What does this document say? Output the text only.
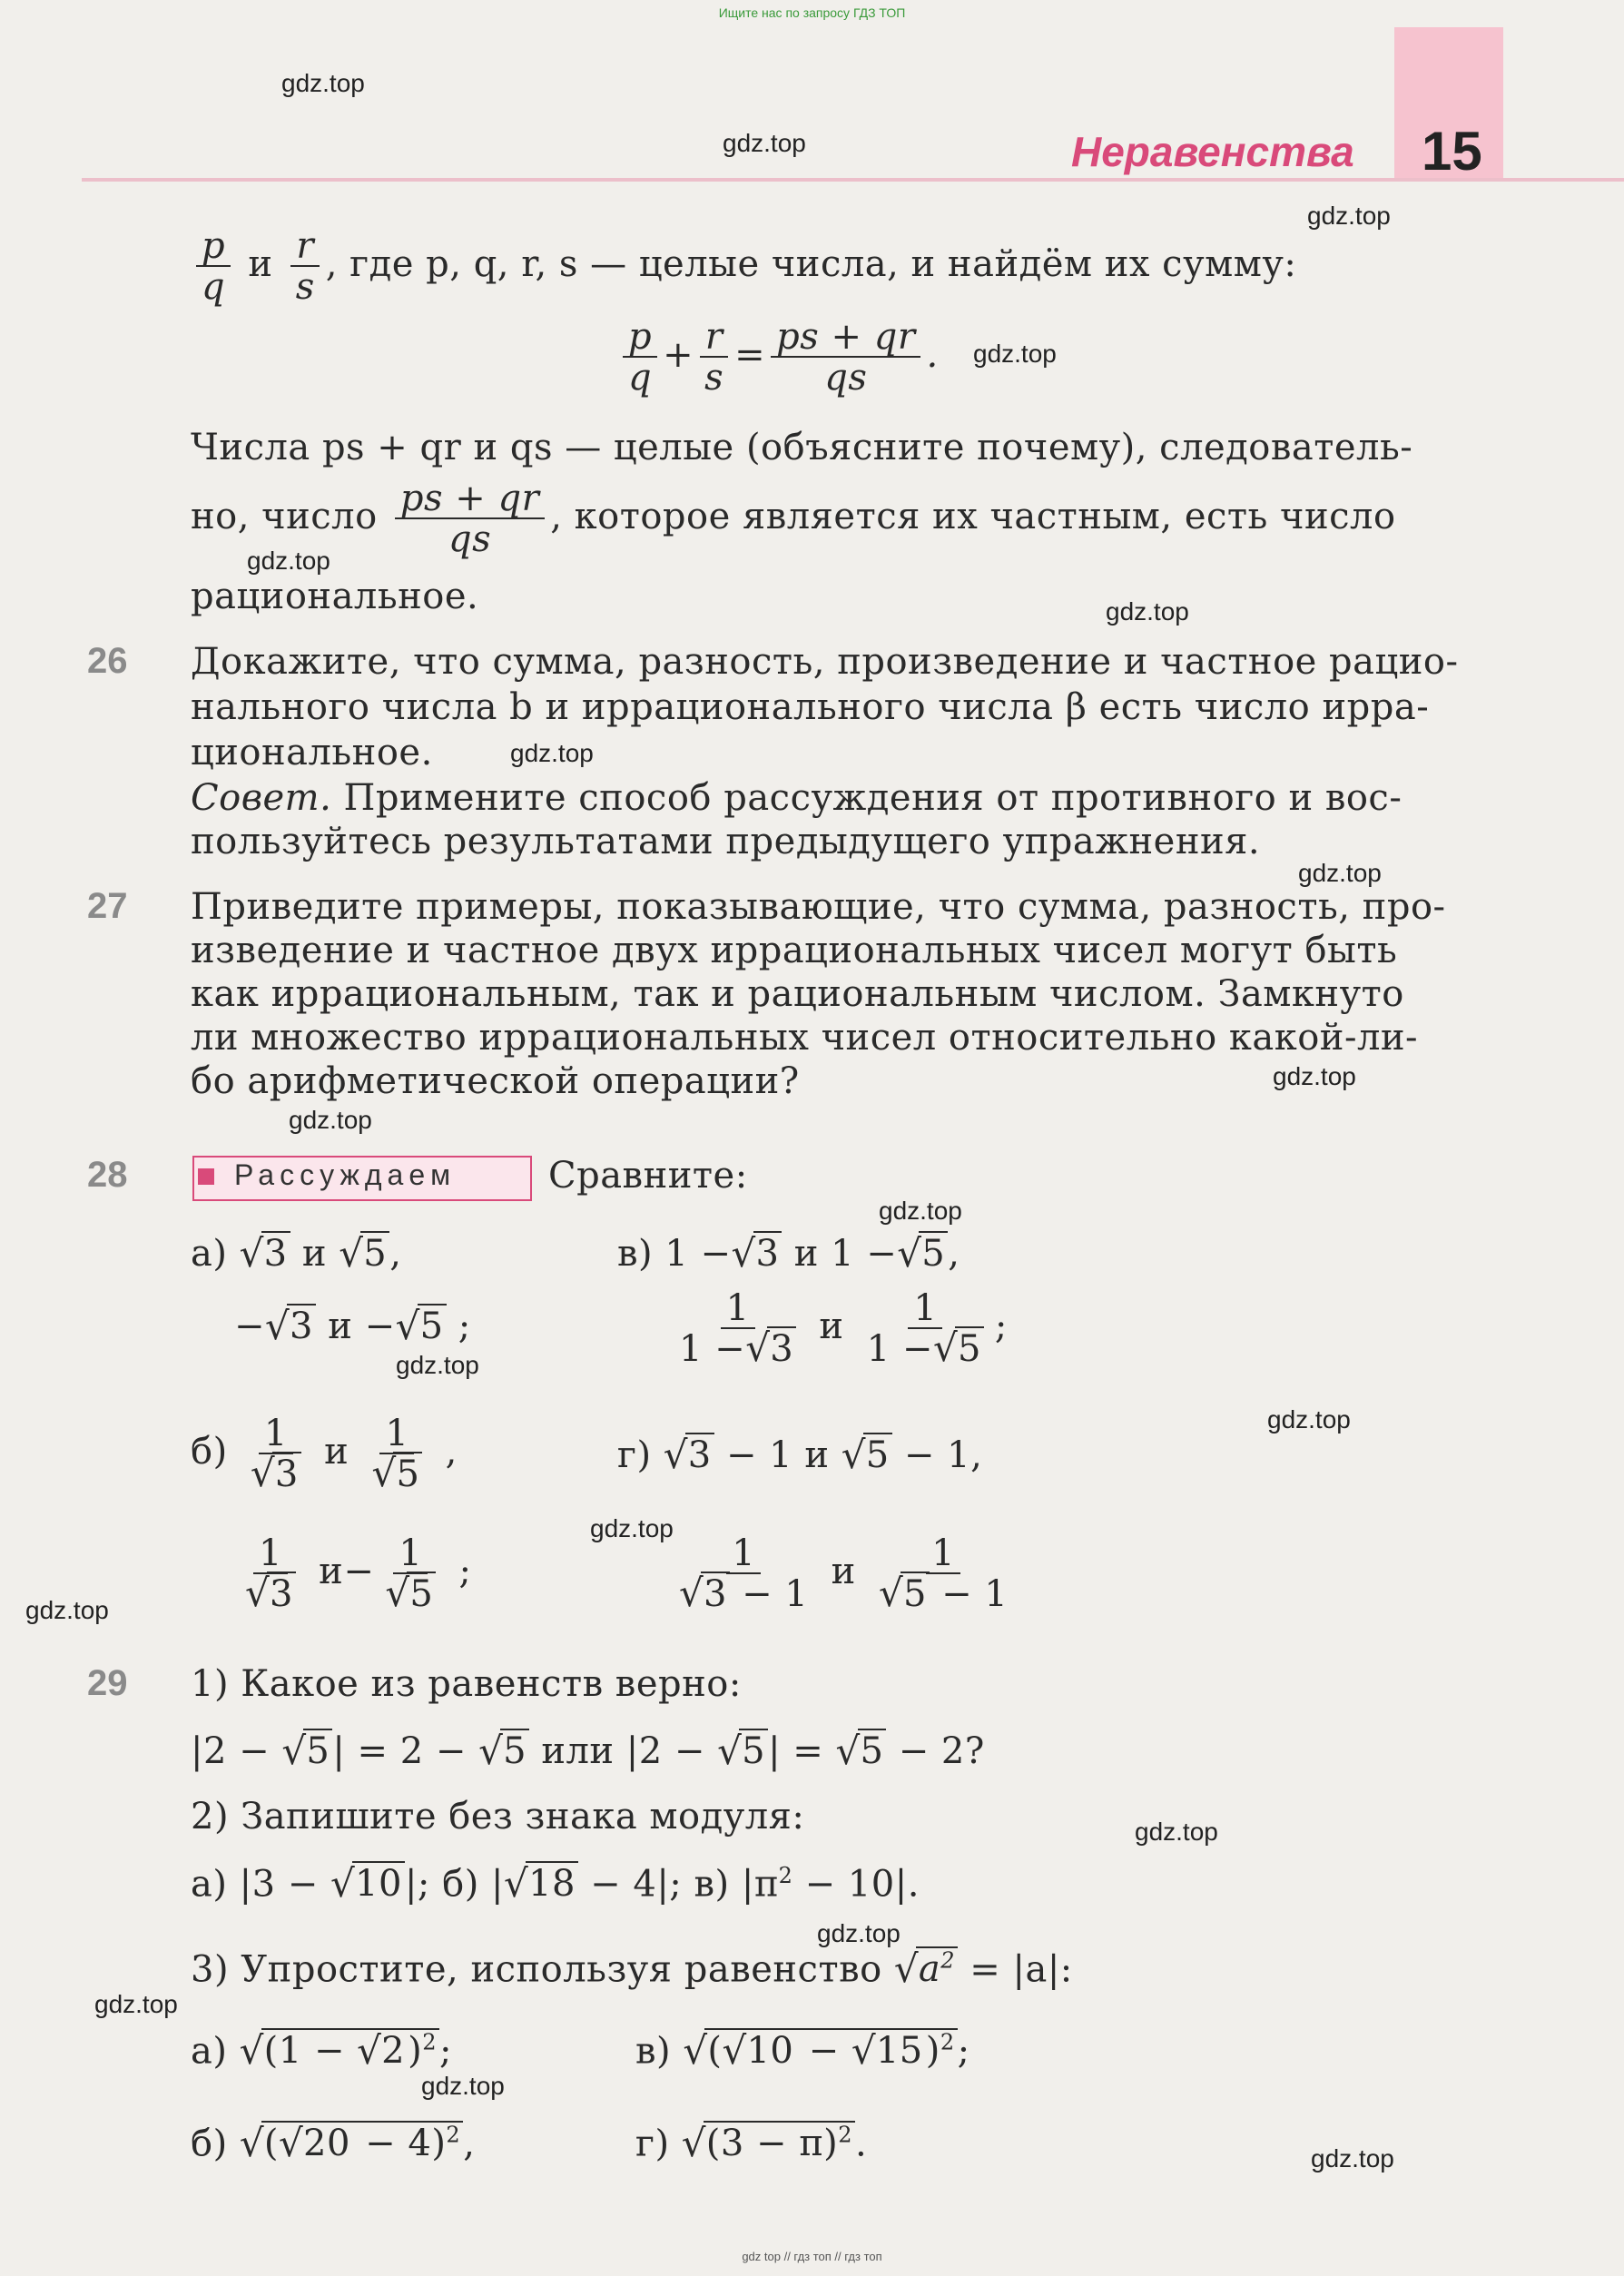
Ищите нас по запросу ГДЗ ТОП
Неравенства 15
gdz.top
gdz.top
gdz.top
gdz.top
gdz.top
gdz.top
gdz.top
gdz.top
gdz.top
gdz.top
gdz.top
gdz.top
gdz.top
gdz.top
gdz.top
gdz.top
gdz.top
gdz.top
gdz.top
gdz.top
$\frac{p}{q}$ и $\frac{r}{s}$ , где p, q, r, s — целые числа, и найдём их сумму:
$\frac{p}{q} + \frac{r}{s} = \frac{ps + qr}{qs}$ .
Числа ps + qr и qs — целые (объясните почему), следователь-
но, число $\frac{ps + qr}{qs}$ , которое является их частным, есть число
рациональное.
26 Докажите, что сумма, разность, произведение и частное рацио-
нального числа b и иррационального числа β есть число ирра-
циональное.
Совет. Примените способ рассуждения от противного и вос-
пользуйтесь результатами предыдущего упражнения.
27 Приведите примеры, показывающие, что сумма, разность, про-
изведение и частное двух иррациональных чисел могут быть
как иррациональным, так и рациональным числом. Замкнуто
ли множество иррациональных чисел относительно какой-ли-
бо арифметической операции?
28	Рассуждаем	Сравните:
а) √ 3 и √ 5,
− √ 3 и − √ 5 ;
в) 1 − √ 3 и 1 − √ 5,
$\frac{1}{1 - √ 3}$ и $\frac{1}{1 - √ 5}$ ;
б) 1
√ 3 и 1
√ 5 ,
1
√ 3 и− 1
√ 5 ;
г) √ 3 − 1 и √ 5 − 1,
1
√ 3 − 1 и 1
√ 5 − 1
29 1) Какое из равенств верно:
|2 − √ 5| = 2 − √ 5 или |2 − √ 5| = √ 5 − 2?
2) Запишите без знака модуля:
а) |3 − √ 10|; б) | √ 18 − 4|; в) $|\pi^2 - 10|$.
3) Упростите, используя равенство √ $a^2 = |a|$:
а) √ (1 − √ 2)$^2$;	в) √ ( √ 10 − √ 15)$^2$;
б) √ ( √ 20 − 4)$^2$,	г) √ $(3 - \pi)^2$.
gdz top // гдз топ // гдз топ
